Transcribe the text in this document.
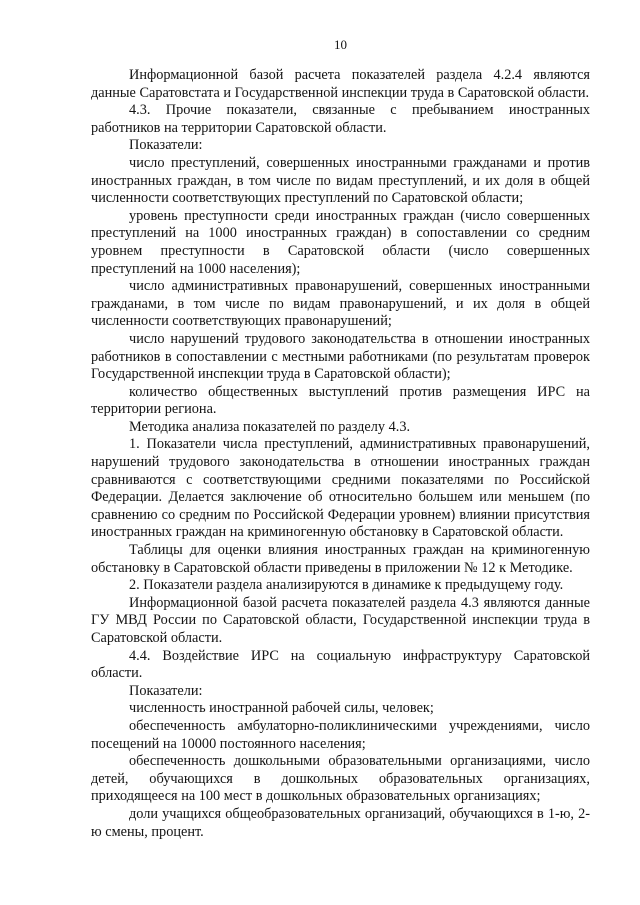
10

Информационной базой расчета показателей раздела 4.2.4 являются данные Саратовстата и Государственной инспекции труда в Саратовской области.

4.3. Прочие показатели, связанные с пребыванием иностранных работников на территории Саратовской области.

Показатели:

число преступлений, совершенных иностранными гражданами и против иностранных граждан, в том числе по видам преступлений, и их доля в общей численности соответствующих преступлений по Саратовской области;

уровень преступности среди иностранных граждан (число совершенных преступлений на 1000 иностранных граждан) в сопоставлении со средним уровнем преступности в Саратовской области (число совершенных преступлений на 1000 населения);

число административных правонарушений, совершенных иностранными гражданами, в том числе по видам правонарушений, и их доля в общей численности соответствующих правонарушений;

число нарушений трудового законодательства в отношении иностранных работников в сопоставлении с местными работниками (по результатам проверок Государственной инспекции труда в Саратовской области);

количество общественных выступлений против размещения ИРС на территории региона.

Методика анализа показателей по разделу 4.3.

1. Показатели числа преступлений, административных правонарушений, нарушений трудового законодательства в отношении иностранных граждан сравниваются с соответствующими средними показателями по Российской Федерации. Делается заключение об относительно большем или меньшем (по сравнению со средним по Российской Федерации уровнем) влиянии присутствия иностранных граждан на криминогенную обстановку в Саратовской области.

Таблицы для оценки влияния иностранных граждан на криминогенную обстановку в Саратовской области приведены в приложении № 12 к Методике.

2. Показатели раздела анализируются в динамике к предыдущему году.

Информационной базой расчета показателей раздела 4.3 являются данные ГУ МВД России по Саратовской области, Государственной инспекции труда в Саратовской области.

4.4. Воздействие ИРС на социальную инфраструктуру Саратовской области.

Показатели:

численность иностранной рабочей силы, человек;

обеспеченность амбулаторно-поликлиническими учреждениями, число посещений на 10000 постоянного населения;

обеспеченность дошкольными образовательными организациями, число детей, обучающихся в дошкольных образовательных организациях, приходящееся на 100 мест в дошкольных образовательных организациях;

доли учащихся общеобразовательных организаций, обучающихся в 1-ю, 2-ю смены, процент.
